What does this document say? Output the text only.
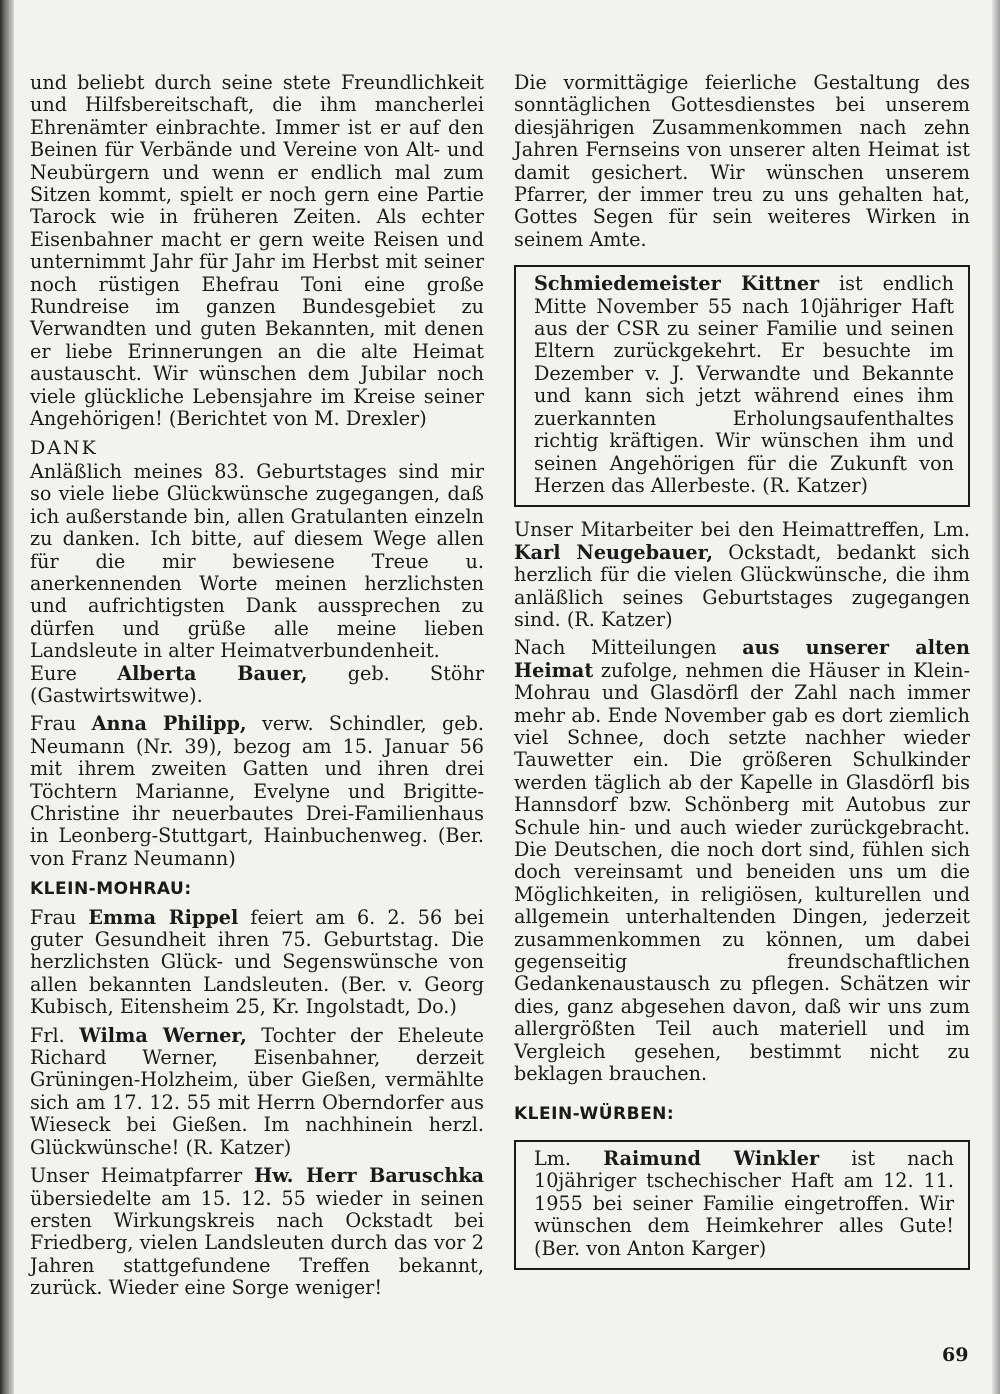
und beliebt durch seine stete Freundlichkeit und Hilfsbereitschaft, die ihm mancherlei Ehrenämter einbrachte. Immer ist er auf den Beinen für Verbände und Vereine von Alt- und Neubürgern und wenn er endlich mal zum Sitzen kommt, spielt er noch gern eine Partie Tarock wie in früheren Zeiten. Als echter Eisenbahner macht er gern weite Reisen und unternimmt Jahr für Jahr im Herbst mit seiner noch rüstigen Ehefrau Toni eine große Rundreise im ganzen Bundesgebiet zu Verwandten und guten Bekannten, mit denen er liebe Erinnerungen an die alte Heimat austauscht. Wir wünschen dem Jubilar noch viele glückliche Lebensjahre im Kreise seiner Angehörigen! (Berichtet von M. Drexler)

DANK

Anläßlich meines 83. Geburtstages sind mir so viele liebe Glückwünsche zugegangen, daß ich außerstande bin, allen Gratulanten einzeln zu danken. Ich bitte, auf diesem Wege allen für die mir bewiesene Treue u. anerkennenden Worte meinen herzlichsten und aufrichtigsten Dank aussprechen zu dürfen und grüße alle meine lieben Landsleute in alter Heimatverbundenheit.
Eure Alberta Bauer, geb. Stöhr (Gastwirtswitwe).

Frau Anna Philipp, verw. Schindler, geb. Neumann (Nr. 39), bezog am 15. Januar 56 mit ihrem zweiten Gatten und ihren drei Töchtern Marianne, Evelyne und Brigitte-Christine ihr neuerbautes Drei-Familienhaus in Leonberg-Stuttgart, Hainbuchenweg. (Ber. von Franz Neumann)

KLEIN-MOHRAU:

Frau Emma Rippel feiert am 6. 2. 56 bei guter Gesundheit ihren 75. Geburtstag. Die herzlichsten Glück- und Segenswünsche von allen bekannten Landsleuten. (Ber. v. Georg Kubisch, Eitensheim 25, Kr. Ingolstadt, Do.)

Frl. Wilma Werner, Tochter der Eheleute Richard Werner, Eisenbahner, derzeit Grüningen-Holzheim, über Gießen, vermählte sich am 17. 12. 55 mit Herrn Oberndorfer aus Wieseck bei Gießen. Im nachhinein herzl. Glückwünsche! (R. Katzer)

Unser Heimatpfarrer Hw. Herr Baruschka übersiedelte am 15. 12. 55 wieder in seinen ersten Wirkungskreis nach Ockstadt bei Friedberg, vielen Landsleuten durch das vor 2 Jahren stattgefundene Treffen bekannt, zurück. Wieder eine Sorge weniger!

Die vormittägige feierliche Gestaltung des sonntäglichen Gottesdienstes bei unserem diesjährigen Zusammenkommen nach zehn Jahren Fernseins von unserer alten Heimat ist damit gesichert. Wir wünschen unserem Pfarrer, der immer treu zu uns gehalten hat, Gottes Segen für sein weiteres Wirken in seinem Amte.

Schmiedemeister Kittner ist endlich Mitte November 55 nach 10jähriger Haft aus der CSR zu seiner Familie und seinen Eltern zurückgekehrt. Er besuchte im Dezember v. J. Verwandte und Bekannte und kann sich jetzt während eines ihm zuerkannten Erholungsaufenthaltes richtig kräftigen. Wir wünschen ihm und seinen Angehörigen für die Zukunft von Herzen das Allerbeste. (R. Katzer)

Unser Mitarbeiter bei den Heimattreffen, Lm. Karl Neugebauer, Ockstadt, bedankt sich herzlich für die vielen Glückwünsche, die ihm anläßlich seines Geburtstages zugegangen sind. (R. Katzer)

Nach Mitteilungen aus unserer alten Heimat zufolge, nehmen die Häuser in Klein-Mohrau und Glasdörfl der Zahl nach immer mehr ab. Ende November gab es dort ziemlich viel Schnee, doch setzte nachher wieder Tauwetter ein. Die größeren Schulkinder werden täglich ab der Kapelle in Glasdörfl bis Hannsdorf bzw. Schönberg mit Autobus zur Schule hin- und auch wieder zurückgebracht. Die Deutschen, die noch dort sind, fühlen sich doch vereinsamt und beneiden uns um die Möglichkeiten, in religiösen, kulturellen und allgemein unterhaltenden Dingen, jederzeit zusammenkommen zu können, um dabei gegenseitig freundschaftlichen Gedankenaustausch zu pflegen. Schätzen wir dies, ganz abgesehen davon, daß wir uns zum allergrößten Teil auch materiell und im Vergleich gesehen, bestimmt nicht zu beklagen brauchen.

KLEIN-WÜRBEN:

Lm. Raimund Winkler ist nach 10jähriger tschechischer Haft am 12. 11. 1955 bei seiner Familie eingetroffen. Wir wünschen dem Heimkehrer alles Gute! (Ber. von Anton Karger)

69
